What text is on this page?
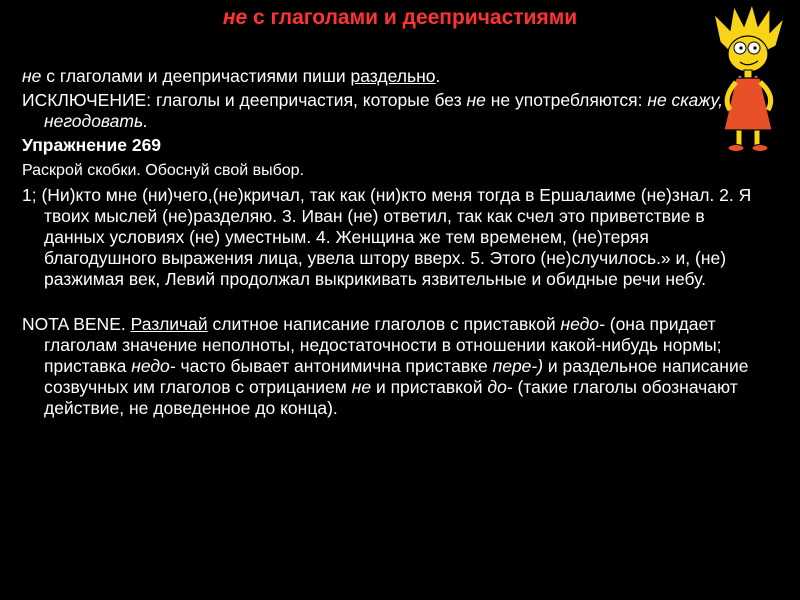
не с глаголами и деепричастиями

не с глаголами и деепричастиями пиши раздельно.

ИСКЛЮЧЕНИЕ: глаголы и деепричастия, которые без не не употребляются: не скажу, негодовать.

Упражнение 269

Раскрой скобки. Обоснуй свой выбор.

1; (Ни)кто мне (ни)чего,(не)кричал, так как (ни)кто меня тогда в Ершалаиме (не)знал. 2. Я твоих мыслей (не)разделяю. 3. Иван (не) ответил, так как счел это приветствие в данных условиях (не) уместным. 4. Женщина же тем временем, (не)теряя благодушного выражения лица, увела штору вверх. 5. Этого (не)случилось.» и, (не) разжимая век, Левий продолжал выкрикивать язвительные и обидные речи небу.

NOTA BENE. Различай слитное написание глаголов с приставкой недо- (она придает глаголам значение неполноты, недостаточности в отношении какой-нибудь нормы; приставка недо- часто бывает антонимична приставке пере-) и раздельное написание созвучных им глаголов с отрицанием не и приставкой до- (такие глаголы обозначают действие, не доведенное до конца).
